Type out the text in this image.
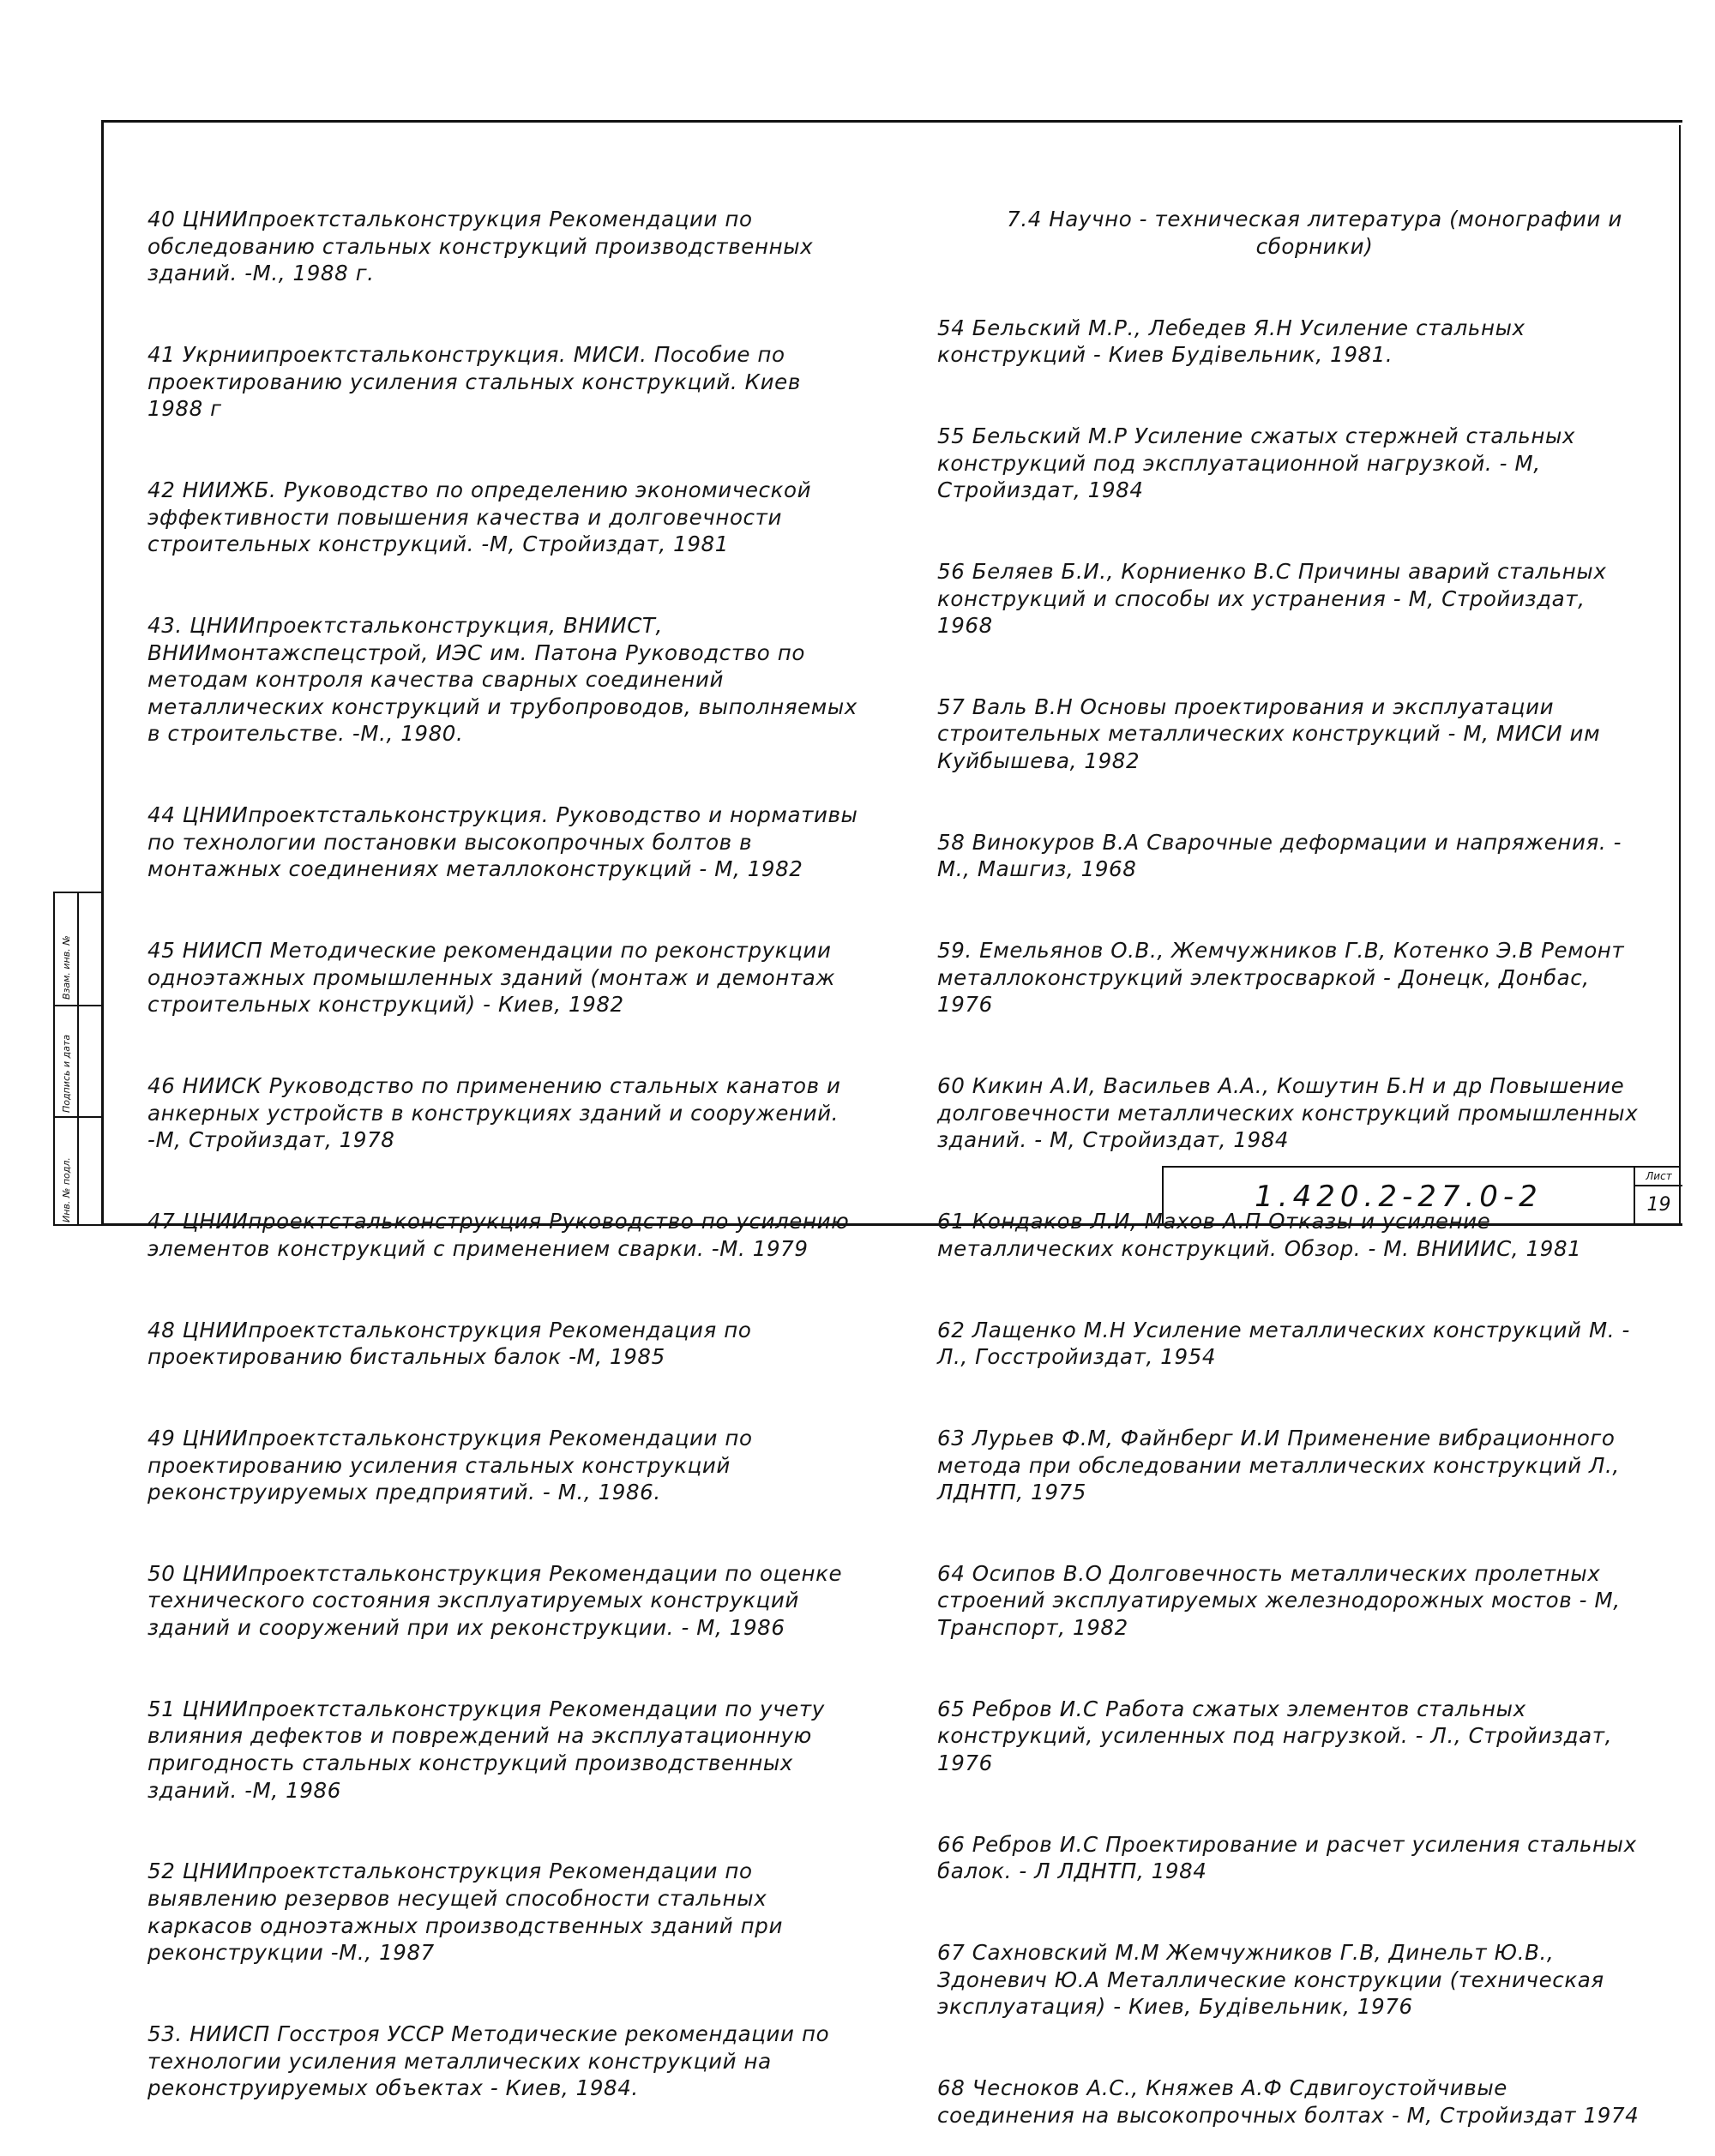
40 ЦНИИпроектстальконструкция Рекомендации по обследованию стальных конструкций производственных зданий. -М., 1988 г.

41 Укрниипроектстальконструкция. МИСИ. Пособие по проектированию усиления стальных конструкций. Киев 1988 г

42 НИИЖБ. Руководство по определению экономической эффективности повышения качества и долговечности строительных конструкций. -М, Стройиздат, 1981

43. ЦНИИпроектстальконструкция, ВНИИСТ, ВНИИмонтажспецстрой, ИЭС им. Патона Руководство по методам контроля качества сварных соединений металлических конструкций и трубопроводов, выполняемых в строительстве. -М., 1980.

44 ЦНИИпроектстальконструкция. Руководство и нормативы по технологии постановки высокопрочных болтов в монтажных соединениях металлоконструкций - М, 1982

45 НИИСП Методические рекомендации по реконструкции одноэтажных промышленных зданий (монтаж и демонтаж строительных конструкций) - Киев, 1982

46 НИИСК Руководство по применению стальных канатов и анкерных устройств в конструкциях зданий и сооружений. -М, Стройиздат, 1978

47 ЦНИИпроектстальконструкция Руководство по усилению элементов конструкций с применением сварки. -М. 1979

48 ЦНИИпроектстальконструкция Рекомендация по проектированию бистальных балок -М, 1985

49 ЦНИИпроектстальконструкция Рекомендации по проектированию усиления стальных конструкций реконструируемых предприятий. - М., 1986.

50 ЦНИИпроектстальконструкция Рекомендации по оценке технического состояния эксплуатируемых конструкций зданий и сооружений при их реконструкции. - М, 1986

51 ЦНИИпроектстальконструкция Рекомендации по учету влияния дефектов и повреждений на эксплуатационную пригодность стальных конструкций производственных зданий. -М, 1986

52 ЦНИИпроектстальконструкция Рекомендации по выявлению резервов несущей способности стальных каркасов одноэтажных производственных зданий при реконструкции -М., 1987

53. НИИСП Госстроя УССР Методические рекомендации по технологии усиления металлических конструкций на реконструируемых объектах - Киев, 1984.

7.4 Научно - техническая литература (монографии и сборники)

54 Бельский М.Р., Лебедев Я.Н Усиление стальных конструкций - Киев Будiвельник, 1981.

55 Бельский М.Р Усиление сжатых стержней стальных конструкций под эксплуатационной нагрузкой. - М, Стройиздат, 1984

56 Беляев Б.И., Корниенко В.С Причины аварий стальных конструкций и способы их устранения - М, Стройиздат, 1968

57 Валь В.Н Основы проектирования и эксплуатации строительных металлических конструкций - М, МИСИ им Куйбышева, 1982

58 Винокуров В.А Сварочные деформации и напряжения. - М., Машгиз, 1968

59. Емельянов О.В., Жемчужников Г.В, Котенко Э.В Ремонт металлоконструкций электросваркой - Донецк, Донбас, 1976

60 Кикин А.И, Васильев А.А., Кошутин Б.Н и др Повышение долговечности металлических конструкций промышленных зданий. - М, Стройиздат, 1984

61 Кондаков Л.И, Махов А.П Отказы и усиление металлических конструкций. Обзор. - М. ВНИИИС, 1981

62 Лащенко М.Н Усиление металлических конструкций М. - Л., Госстройиздат, 1954

63 Лурьев Ф.М, Файнберг И.И Применение вибрационного метода при обследовании металлических конструкций Л., ЛДНТП, 1975

64 Осипов В.О Долговечность металлических пролетных строений эксплуатируемых железнодорожных мостов - М, Транспорт, 1982

65 Ребров И.С Работа сжатых элементов стальных конструкций, усиленных под нагрузкой. - Л., Стройиздат, 1976

66 Ребров И.С Проектирование и расчет усиления стальных балок. - Л ЛДНТП, 1984

67 Сахновский М.М Жемчужников Г.В, Динельт Ю.В., Здоневич Ю.А Металлические конструкции (техническая эксплуатация) - Киев, Будiвельник, 1976

68 Чесноков А.С., Княжев А.Ф Сдвигоустойчивые соединения на высокопрочных болтах - М, Стройиздат 1974

1.420.2-27.0-2
Лист
19
Взам. инв. №
Подпись и дата
Инв. № подл.
